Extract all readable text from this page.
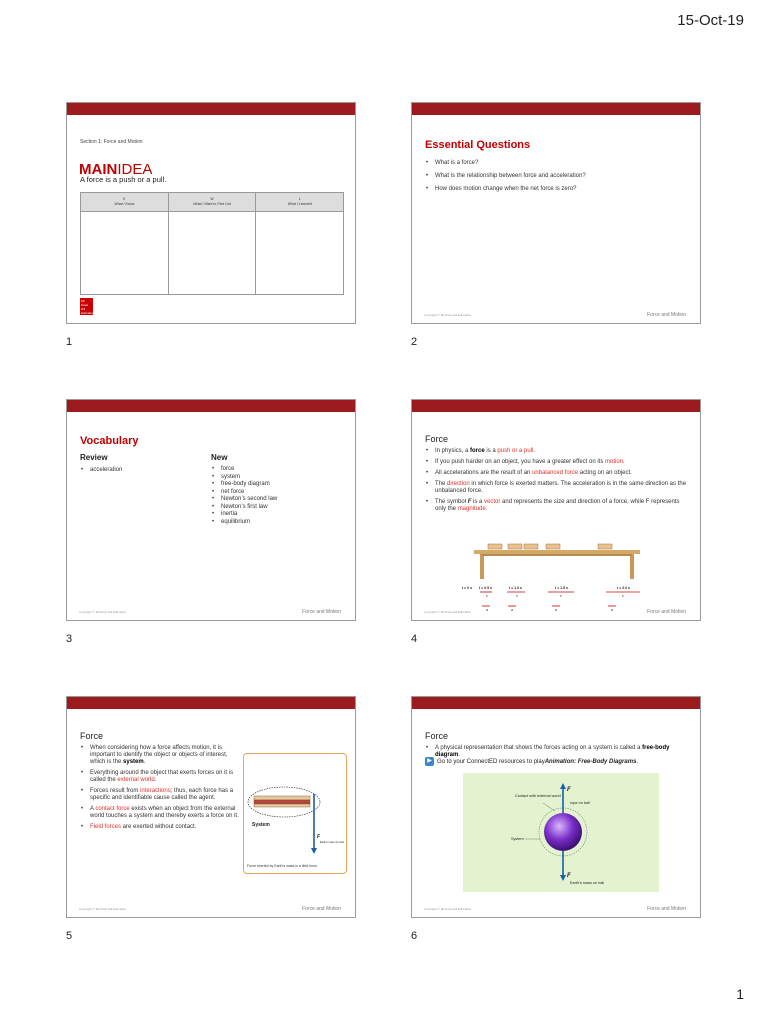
15-Oct-19
Section 1: Force and Motion
MAINIDEA
A force is a push or a pull.
K
What I Know
W
What I Want to Find Out
L
What I Learned
Mc Graw Hill Education
1
Essential Questions
• What is a force?
• What is the relationship between force and acceleration?
• How does motion change when the net force is zero?
Copyright © McGraw-Hill Education	Force and Motion
2
Vocabulary
Review
• acceleration
New
• force
• system
• free-body diagram
• net force
• Newton’s second law
• Newton’s first law
• inertia
• equilibrium
Copyright © McGraw-Hill Education	Force and Motion
3
Force
• In physics, a force is a push or a pull.
• If you push harder on an object, you have a greater effect on its motion.
• All accelerations are the result of an unbalanced force acting on an object.
• The direction in which force is exerted matters. The acceleration is in the same direction as the unbalanced force.
• The symbol F is a vector and represents the size and direction of a force, while F represents only the magnitude.
t = 0 s t = 0.5 s	t = 1.0 s	t = 1.5 s	t = 2.0 s
v	v	v	v
a	a	a	a
Copyright © McGraw-Hill Education	Force and Motion
4
Force
• When considering how a force affects motion, it is important to identify the object or objects of interest, which is the system.
• Everything around the object that exerts forces on it is called the external world.
• Forces result from interactions; thus, each force has a specific and identifiable cause called the agent.
• A contact force exists when an object from the external world touches a system and thereby exerts a force on it.
• Field forces are exerted without contact.	System
F
Earth’s mass on book
Force exerted by Earth’s mass is a field force.
Copyright © McGraw-Hill Education	Force and Motion
5
Force
• A physical representation that shows the forces acting on a system is called a free-body diagram.
▶ Go to your ConnectED resources to play Animation: Free-Body Diagrams .
Contact with external world
F
rope on ball
System
F
Earth’s mass on ball
Copyright © McGraw-Hill Education	Force and Motion
6
1
